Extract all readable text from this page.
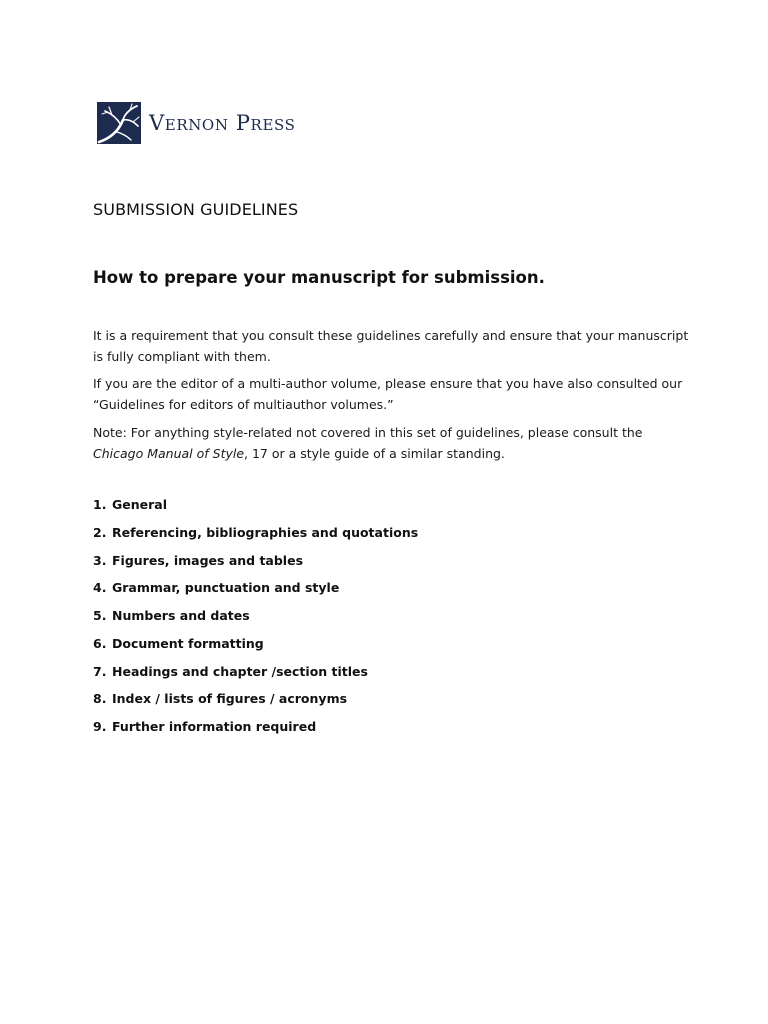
Vernon Press
SUBMISSION GUIDELINES
How to prepare your manuscript for submission.

It is a requirement that you consult these guidelines carefully and ensure that your manuscript is fully compliant with them.

If you are the editor of a multi-author volume, please ensure that you have also consulted our “Guidelines for editors of multiauthor volumes.”

Note: For anything style-related not covered in this set of guidelines, please consult the Chicago Manual of Style, 17 or a style guide of a similar standing.

1. General
2. Referencing, bibliographies and quotations
3. Figures, images and tables
4. Grammar, punctuation and style
5. Numbers and dates
6. Document formatting
7. Headings and chapter /section titles
8. Index / lists of figures / acronyms
9. Further information required
